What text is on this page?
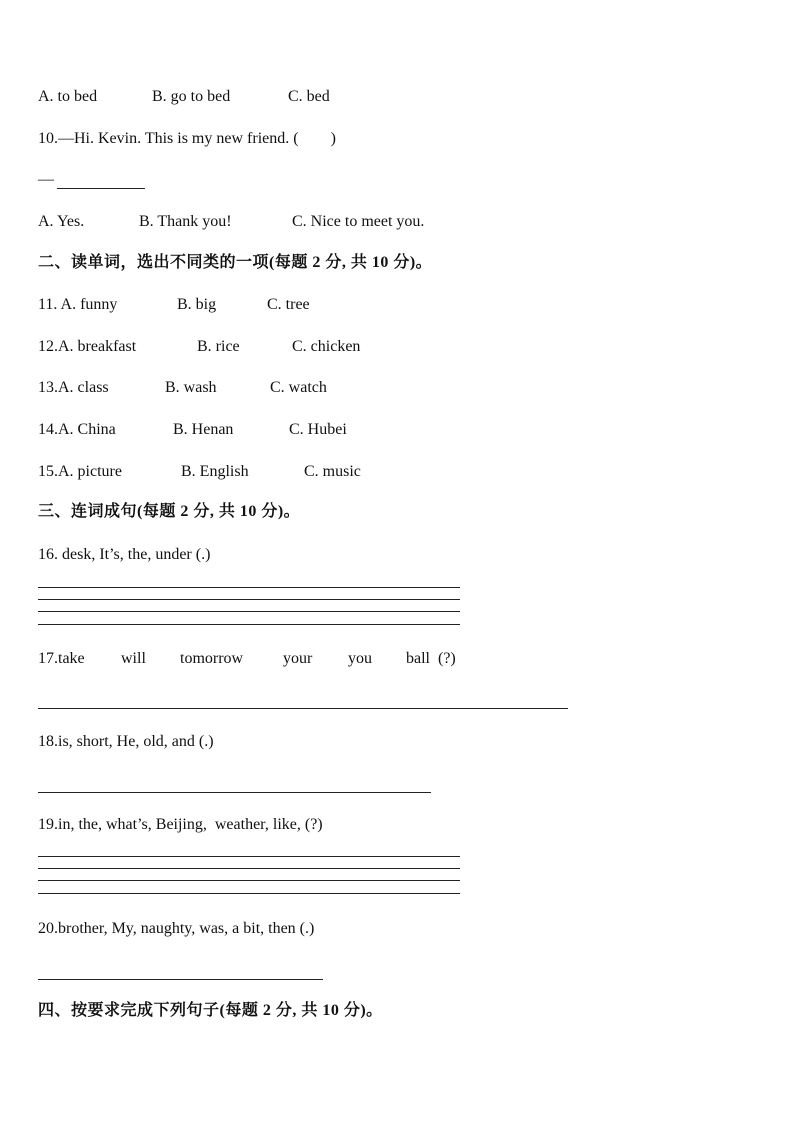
A. to bed

	B. go to bed

	C. bed

10.—Hi. Kevin. This is my new friend. (        )
—

A. Yes.

	B. Thank you!

	C. Nice to meet you.

二、读单词，选出不同类的一项(每题 2 分, 共 10 分)。

11. A. funny

	B. big

	C. tree

12.A. breakfast

	B. rice

	C. chicken

13.A. class

	B. wash

	C. watch

14.A. China

	B. Henan

	C. Hubei

15.A. picture

	B. English

	C. music

三、连词成句(每题 2 分, 共 10 分)。
16. desk, It’s, the, under (.)

17.take

will

tomorrow

your

you

ball  (?)

18.is, short, He, old, and (.)
19.in, the, what’s, Beijing,  weather, like, (?)
20.brother, My, naughty, was, a bit, then (.)
四、按要求完成下列句子(每题 2 分, 共 10 分)。
